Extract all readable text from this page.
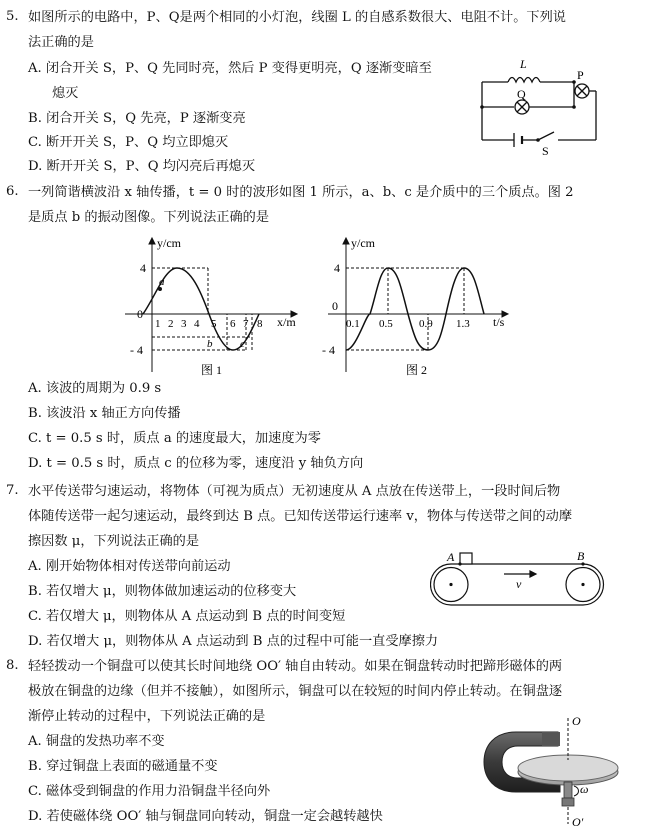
5. 如图所示的电路中，P、Q是两个相同的小灯泡，线圈 L 的自感系数很大、电阻不计。下列说
法正确的是
A. 闭合开关 S，P、Q 先同时亮，然后 P 变得更明亮，Q 逐渐变暗至
熄灭
B. 闭合开关 S，Q 先亮，P 逐渐变亮
C. 断开开关 S，P、Q 均立即熄灭
D. 断开开关 S，P、Q 均闪亮后再熄灭
L
P
Q
S
6. 一列简谐横波沿 x 轴传播，t = 0 时的波形如图 1 所示，a、b、c 是介质中的三个质点。图 2
是质点 b 的振动图像。下列说法正确的是
y/cm
x/m
4
- 4
0
1 2 3 4 5 6 7 8
a
b	c
图 1
y/cm
t/s
4
- 4
0
0.1 0.5 0.9 1.3
图 2
A. 该波的周期为 0.9 s
B. 该波沿 x 轴正方向传播
C. t = 0.5 s 时，质点 a 的速度最大，加速度为零
D. t = 0.5 s 时，质点 c 的位移为零，速度沿 y 轴负方向
7. 水平传送带匀速运动，将物体（可视为质点）无初速度从 A 点放在传送带上，一段时间后物
体随传送带一起匀速运动，最终到达 B 点。已知传送带运行速率 v，物体与传送带之间的动摩
擦因数 μ，下列说法正确的是
A. 刚开始物体相对传送带向前运动
B. 若仅增大 μ，则物体做加速运动的位移变大
C. 若仅增大 μ，则物体从 A 点运动到 B 点的时间变短
D. 若仅增大 μ，则物体从 A 点运动到 B 点的过程中可能一直受摩擦力
A	B
v
8. 轻轻拨动一个铜盘可以使其长时间地绕 OO′ 轴自由转动。如果在铜盘转动时把蹄形磁体的两
极放在铜盘的边缘（但并不接触），如图所示，铜盘可以在较短的时间内停止转动。在铜盘逐
渐停止转动的过程中，下列说法正确的是
A. 铜盘的发热功率不变
B. 穿过铜盘上表面的磁通量不变
C. 磁体受到铜盘的作用力沿铜盘半径向外
D. 若使磁体绕 OO′ 轴与铜盘同向转动，铜盘一定会越转越快
O
O′
ω
